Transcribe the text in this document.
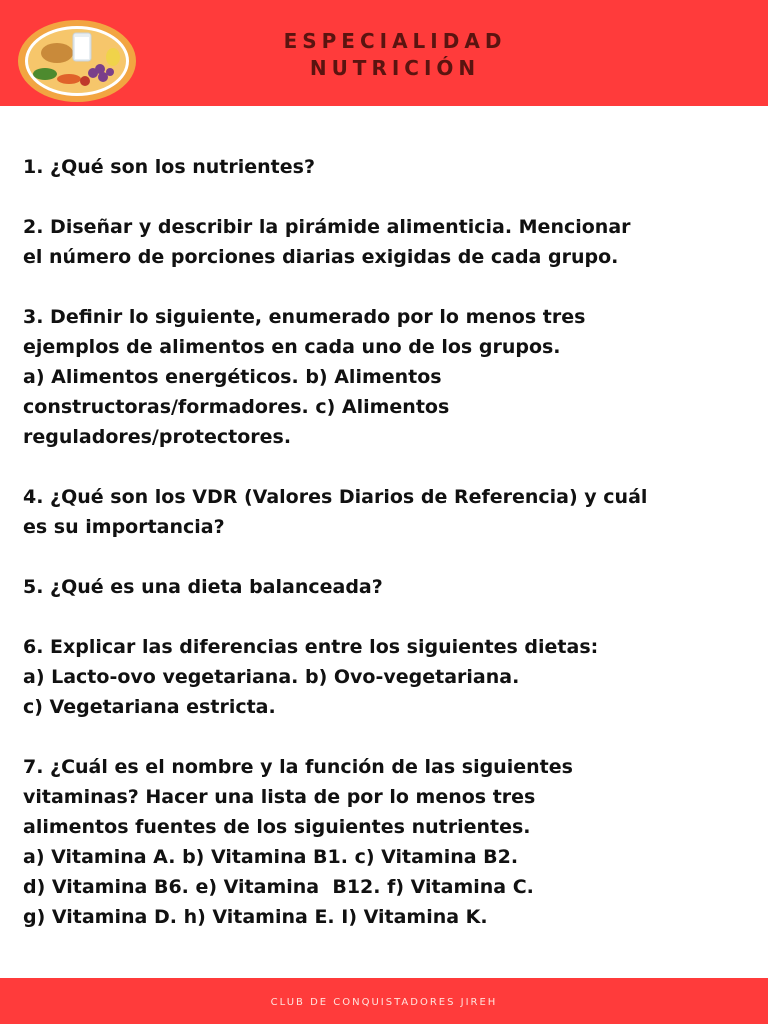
ESPECIALIDAD
NUTRICIÓN
1. ¿Qué son los nutrientes?
2. Diseñar y describir la pirámide alimenticia. Mencionar
el número de porciones diarias exigidas de cada grupo.
3. Definir lo siguiente, enumerado por lo menos tres
ejemplos de alimentos en cada uno de los grupos.
a) Alimentos energéticos. b) Alimentos
constructoras/formadores. c) Alimentos
reguladores/protectores.
4. ¿Qué son los VDR (Valores Diarios de Referencia) y cuál
es su importancia?
5. ¿Qué es una dieta balanceada?
6. Explicar las diferencias entre los siguientes dietas:
a) Lacto-ovo vegetariana. b) Ovo-vegetariana.
c) Vegetariana estricta.
7. ¿Cuál es el nombre y la función de las siguientes
vitaminas? Hacer una lista de por lo menos tres
alimentos fuentes de los siguientes nutrientes.
a) Vitamina A. b) Vitamina B1. c) Vitamina B2.
d) Vitamina B6. e) Vitamina  B12. f) Vitamina C.
g) Vitamina D. h) Vitamina E. I) Vitamina K.
CLUB DE CONQUISTADORES JIREH
